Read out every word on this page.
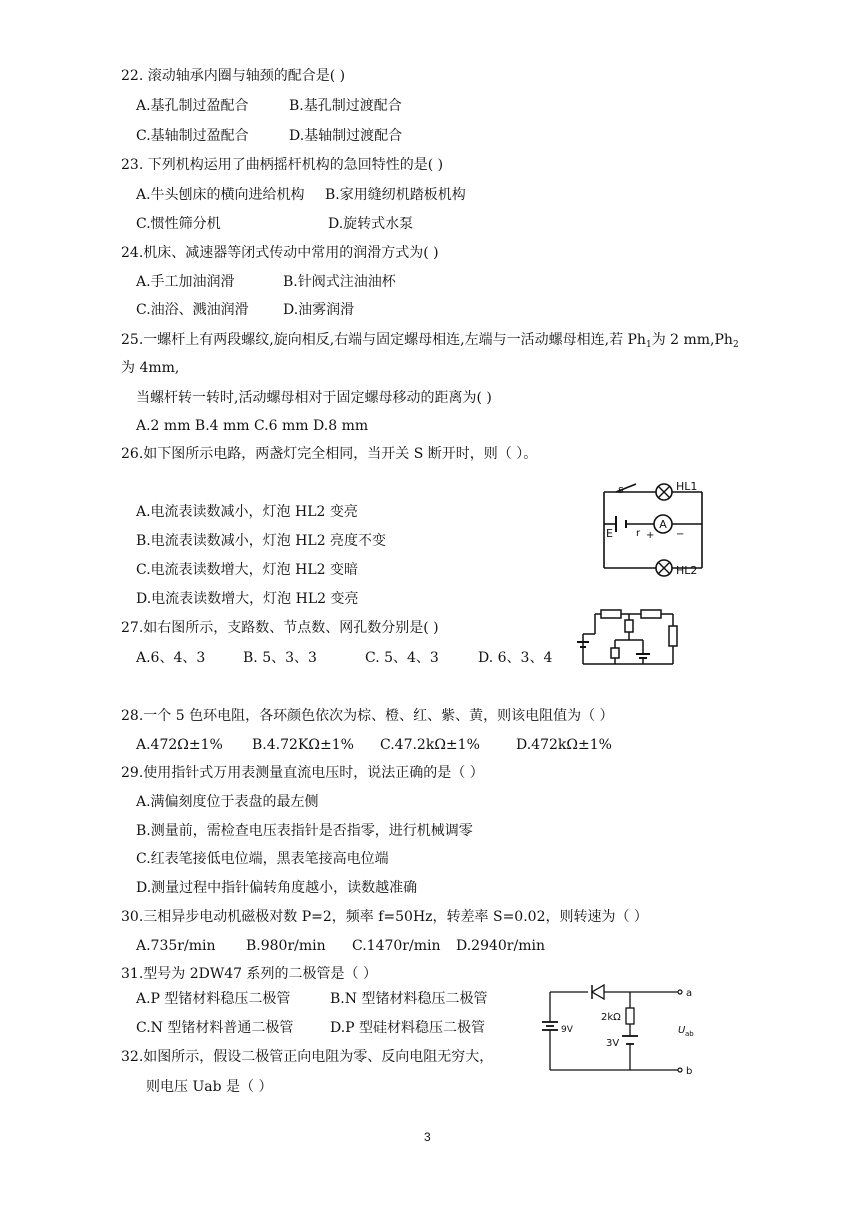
22. 滚动轴承内圈与轴颈的配合是( )
A.基孔制过盈配合	B.基孔制过渡配合
C.基轴制过盈配合	D.基轴制过渡配合
23. 下列机构运用了曲柄摇杆机构的急回特性的是( )
A.牛头刨床的横向进给机构 B.家用缝纫机踏板机构
C.惯性筛分机	D.旋转式水泵
24.机床、减速器等闭式传动中常用的润滑方式为( )
A.手工加油润滑	B.针阀式注油油杯
C.油浴、溅油润滑 D.油雾润滑
25.一螺杆上有两段螺纹,旋向相反,右端与固定螺母相连,左端与一活动螺母相连,若 $Ph_1$为 2 $mm,Ph_2$
为 4mm,
当螺杆转一转时,活动螺母相对于固定螺母移动的距离为( )
A.2 mm B.4 mm C.6 mm D.8 mm
26.如下图所示电路，两盏灯完全相同，当开关 S 断开时，则（ ）。
A.电流表读数减小，灯泡 HL2 变亮
B.电流表读数减小，灯泡 HL2 亮度不变
C.电流表读数增大，灯泡 HL2 变暗
D.电流表读数增大，灯泡 HL2 变亮
A
s	HL1
E r + −
HL2
27.如右图所示，支路数、节点数、网孔数分别是( )
A.6、4、3	B. 5、3、3	C. 5、4、3	D. 6、3、4
28.一个 5 色环电阻，各环颜色依次为棕、橙、红、紫、黄，则该电阻值为（ ）
A.472Ω±1% B.4.72KΩ±1% C.47.2kΩ±1%	D.472kΩ±1%
29.使用指针式万用表测量直流电压时，说法正确的是（ ）
A.满偏刻度位于表盘的最左侧
B.测量前，需检查电压表指针是否指零，进行机械调零
C.红表笔接低电位端，黑表笔接高电位端
D.测量过程中指针偏转角度越小，读数越准确
30.三相异步电动机磁极对数 P=2，频率 f=50Hz，转差率 S=0.02，则转速为（ ）
A.735r/min B.980r/min C.1470r/min D.2940r/min
31.型号为 2DW47 系列的二极管是（ ）
A.P 型锗材料稳压二极管	B.N 型锗材料稳压二极管
C.N 型锗材料普通二极管	D.P 型硅材料稳压二极管
32.如图所示，假设二极管正向电阻为零、反向电阻无穷大，
则电压 Uab 是（ ）
a
b
2kΩ
9V
3V
U ab
3
